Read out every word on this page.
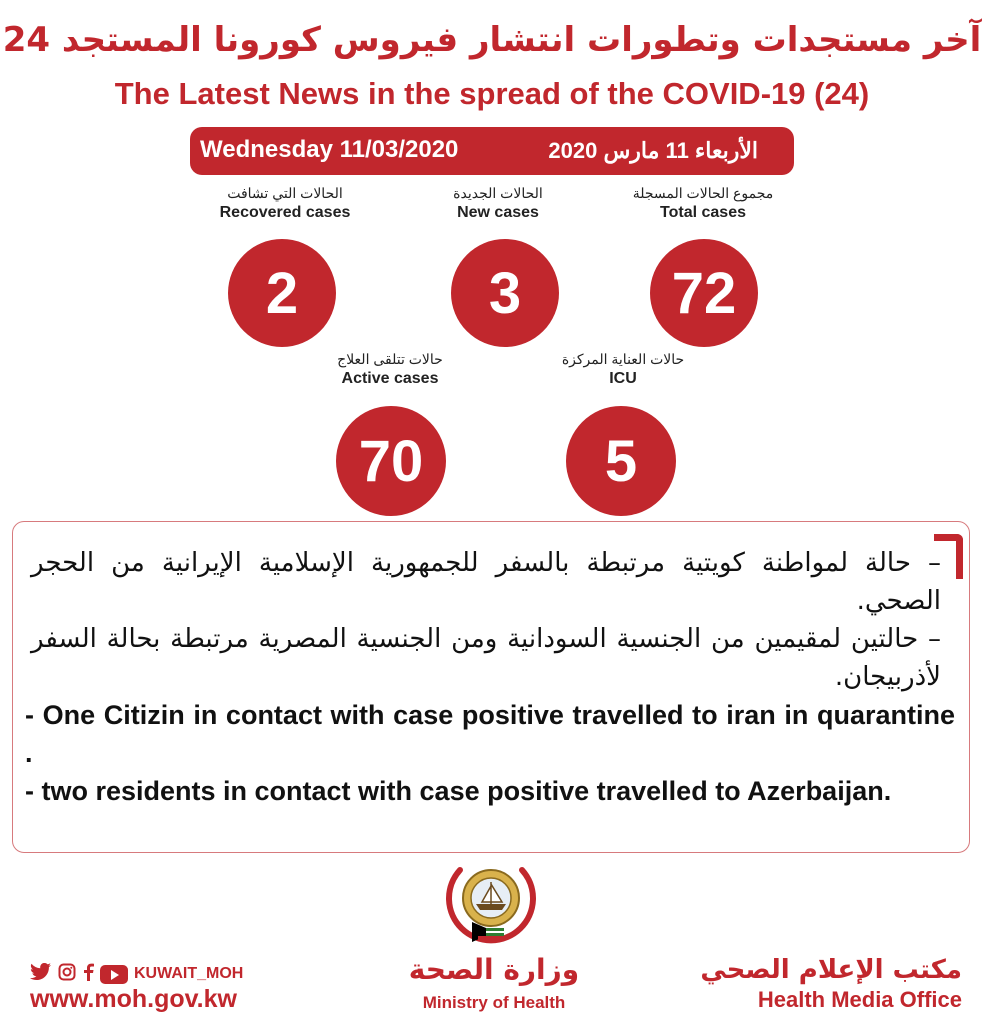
آخر مستجدات وتطورات انتشار فيروس كورونا المستجد 24
The Latest News in the spread of the COVID-19 (24)
Wednesday 11/03/2020	الأربعاء 11 مارس 2020
الحالات التي تشافت
Recovered cases
الحالات الجديدة
New cases
مجموع الحالات المسجلة
Total cases
2	3	72
حالات تتلقى العلاج
Active cases
حالات العناية المركزة
ICU
70	5
– حالة لمواطنة كويتية مرتبطة بالسفر للجمهورية الإسلامية الإيرانية من الحجر الصحي.
– حالتين لمقيمين من الجنسية السودانية ومن الجنسية المصرية مرتبطة بحالة السفر لأذربيجان.
- One Citizin in contact with case positive travelled to iran in quarantine .
- two residents in contact with case positive travelled to Azerbaijan.
KUWAIT_MOH
www.moh.gov.kw
وزارة الصحة
Ministry of Health
مكتب الإعلام الصحي
Health Media Office
